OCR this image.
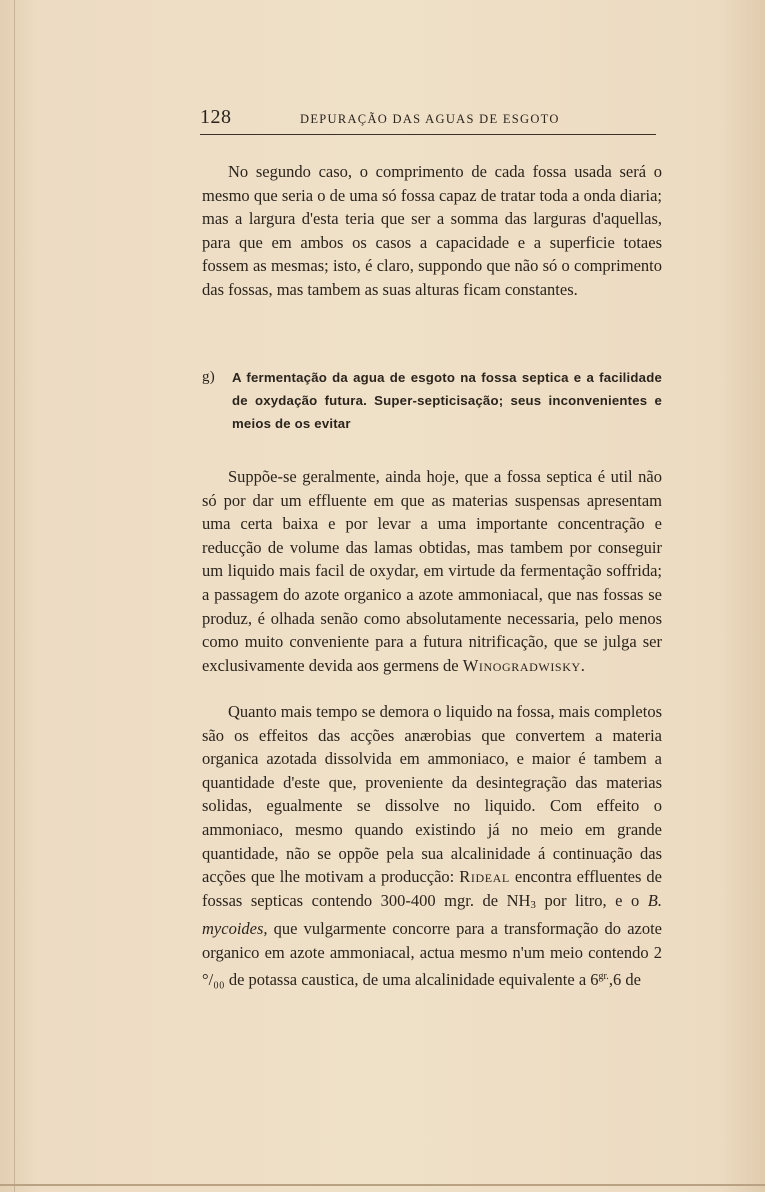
128	DEPURAÇÃO DAS AGUAS DE ESGOTO

No segundo caso, o comprimento de cada fossa usada será o mesmo que seria o de uma só fossa capaz de tratar toda a onda diaria; mas a largura d'esta teria que ser a somma das larguras d'aquellas, para que em ambos os casos a capacidade e a superficie totaes fossem as mesmas; isto, é claro, suppondo que não só o comprimento das fossas, mas tambem as suas alturas ficam constantes.

g) A fermentação da agua de esgoto na fossa septica e a facilidade de oxydação futura. Super-septicisação; seus inconvenientes e meios de os evitar

Suppõe-se geralmente, ainda hoje, que a fossa septica é util não só por dar um effluente em que as materias suspensas apresentam uma certa baixa e por levar a uma importante concentração e reducção de volume das lamas obtidas, mas tambem por conseguir um liquido mais facil de oxydar, em virtude da fermentação soffrida; a passagem do azote organico a azote ammoniacal, que nas fossas se produz, é olhada senão como absolutamente necessaria, pelo menos como muito conveniente para a futura nitrificação, que se julga ser exclusivamente devida aos germens de Winogradwisky.

Quanto mais tempo se demora o liquido na fossa, mais completos são os effeitos das acções anærobias que convertem a materia organica azotada dissolvida em ammoniaco, e maior é tambem a quantidade d'este que, proveniente da desintegração das materias solidas, egualmente se dissolve no liquido. Com effeito o ammoniaco, mesmo quando existindo já no meio em grande quantidade, não se oppõe pela sua alcalinidade á continuação das acções que lhe motivam a producção: Rideal encontra effluentes de fossas septicas contendo 300-400 mgr. de $NH_3$ por litro, e o B. mycoides, que vulgarmente concorre para a transformação do azote organico em azote ammoniacal, actua mesmo n'um meio contendo 2 °/₀₀ de potassa caustica, de uma alcalinidade equivalente a $6^{gr.},6$ de
